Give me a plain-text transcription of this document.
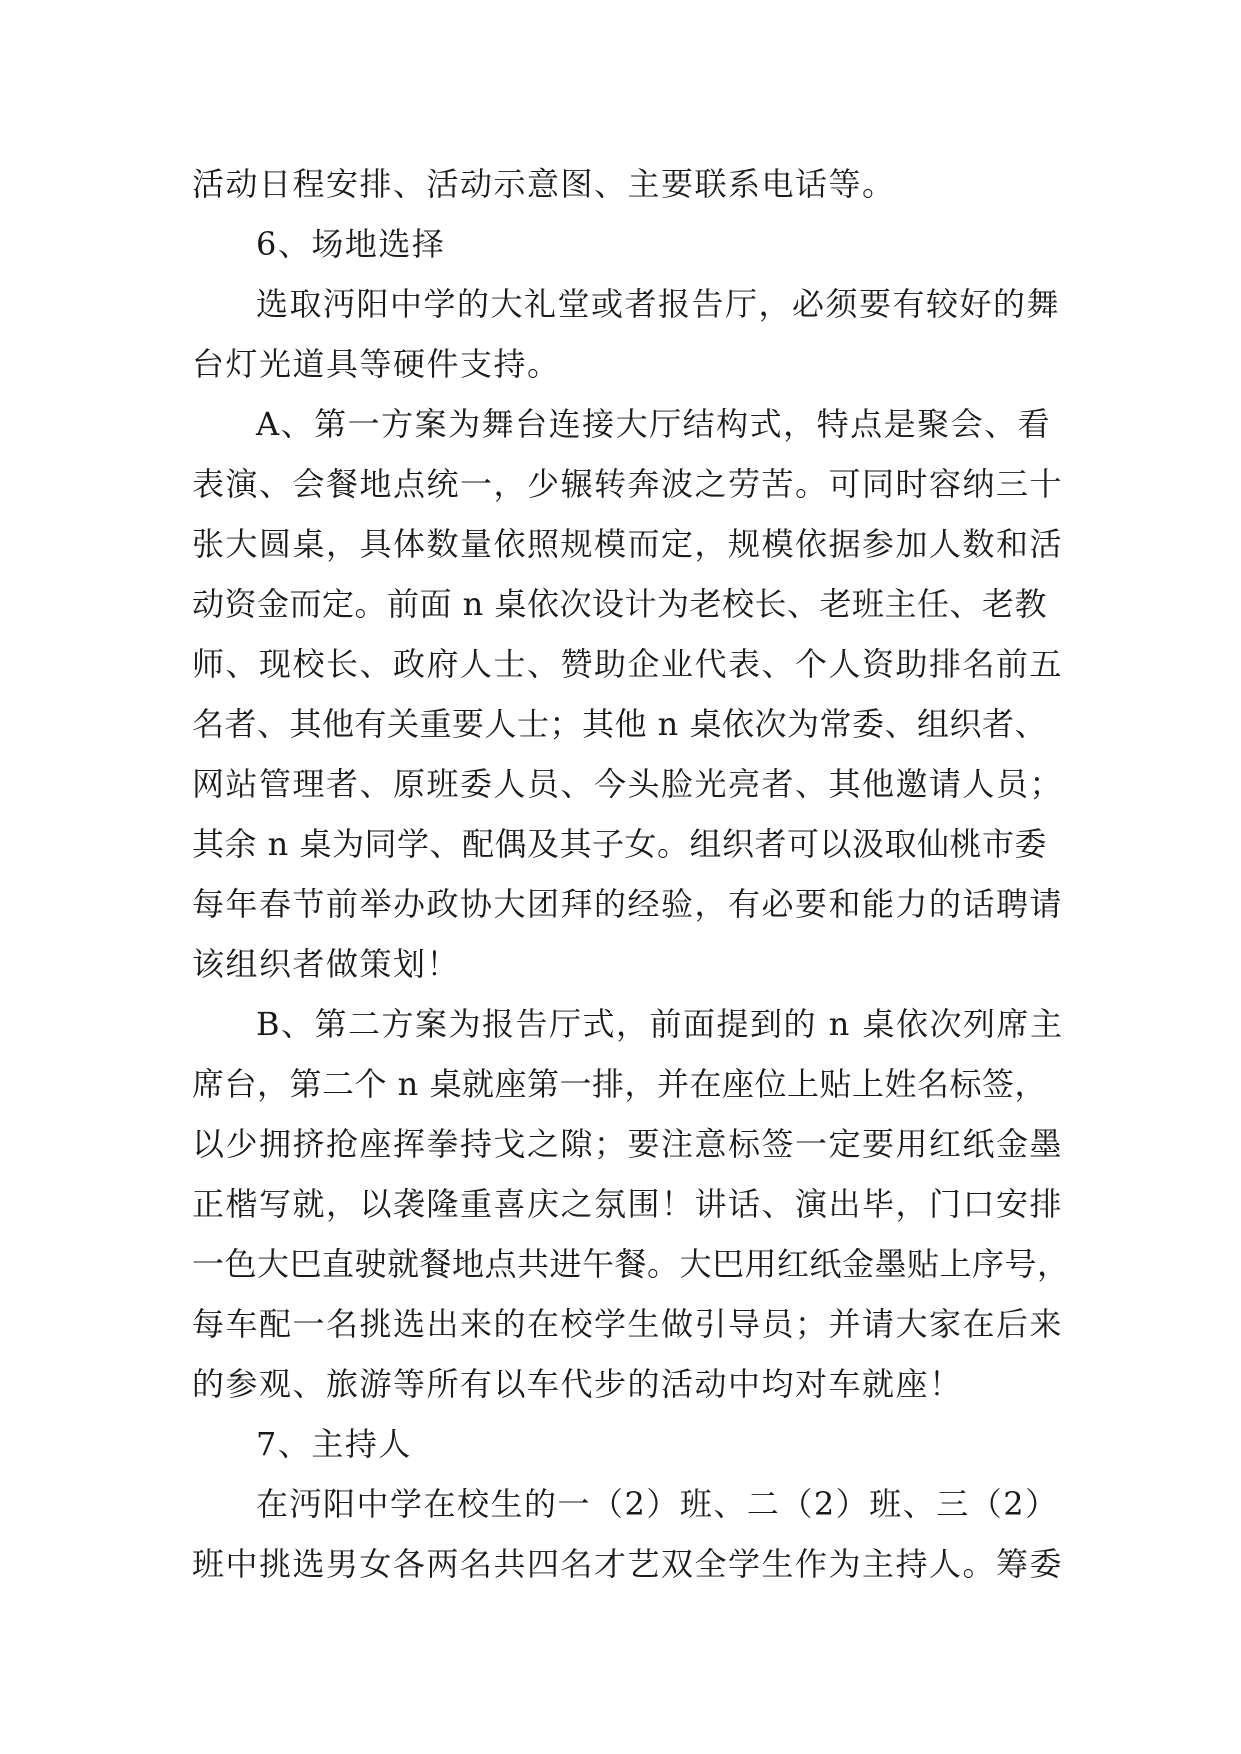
活动日程安排、活动示意图、主要联系电话等。
6、场地选择
选取沔阳中学的大礼堂或者报告厅，必须要有较好的舞
台灯光道具等硬件支持。
A、第一方案为舞台连接大厅结构式，特点是聚会、看
表演、会餐地点统一，少辗转奔波之劳苦。可同时容纳三十
张大圆桌，具体数量依照规模而定，规模依据参加人数和活
动资金而定。前面 n 桌依次设计为老校长、老班主任、老教
师、现校长、政府人士、赞助企业代表、个人资助排名前五
名者、其他有关重要人士；其他 n 桌依次为常委、组织者、
网站管理者、原班委人员、今头脸光亮者、其他邀请人员；
其余 n 桌为同学、配偶及其子女。组织者可以汲取仙桃市委
每年春节前举办政协大团拜的经验，有必要和能力的话聘请
该组织者做策划！
B、第二方案为报告厅式，前面提到的 n 桌依次列席主
席台，第二个 n 桌就座第一排，并在座位上贴上姓名标签，
以少拥挤抢座挥拳持戈之隙；要注意标签一定要用红纸金墨
正楷写就，以袭隆重喜庆之氛围！讲话、演出毕，门口安排
一色大巴直驶就餐地点共进午餐。大巴用红纸金墨贴上序号，
每车配一名挑选出来的在校学生做引导员；并请大家在后来
的参观、旅游等所有以车代步的活动中均对车就座！
7、主持人
在沔阳中学在校生的一（2）班、二（2）班、三（2）
班中挑选男女各两名共四名才艺双全学生作为主持人。筹委
